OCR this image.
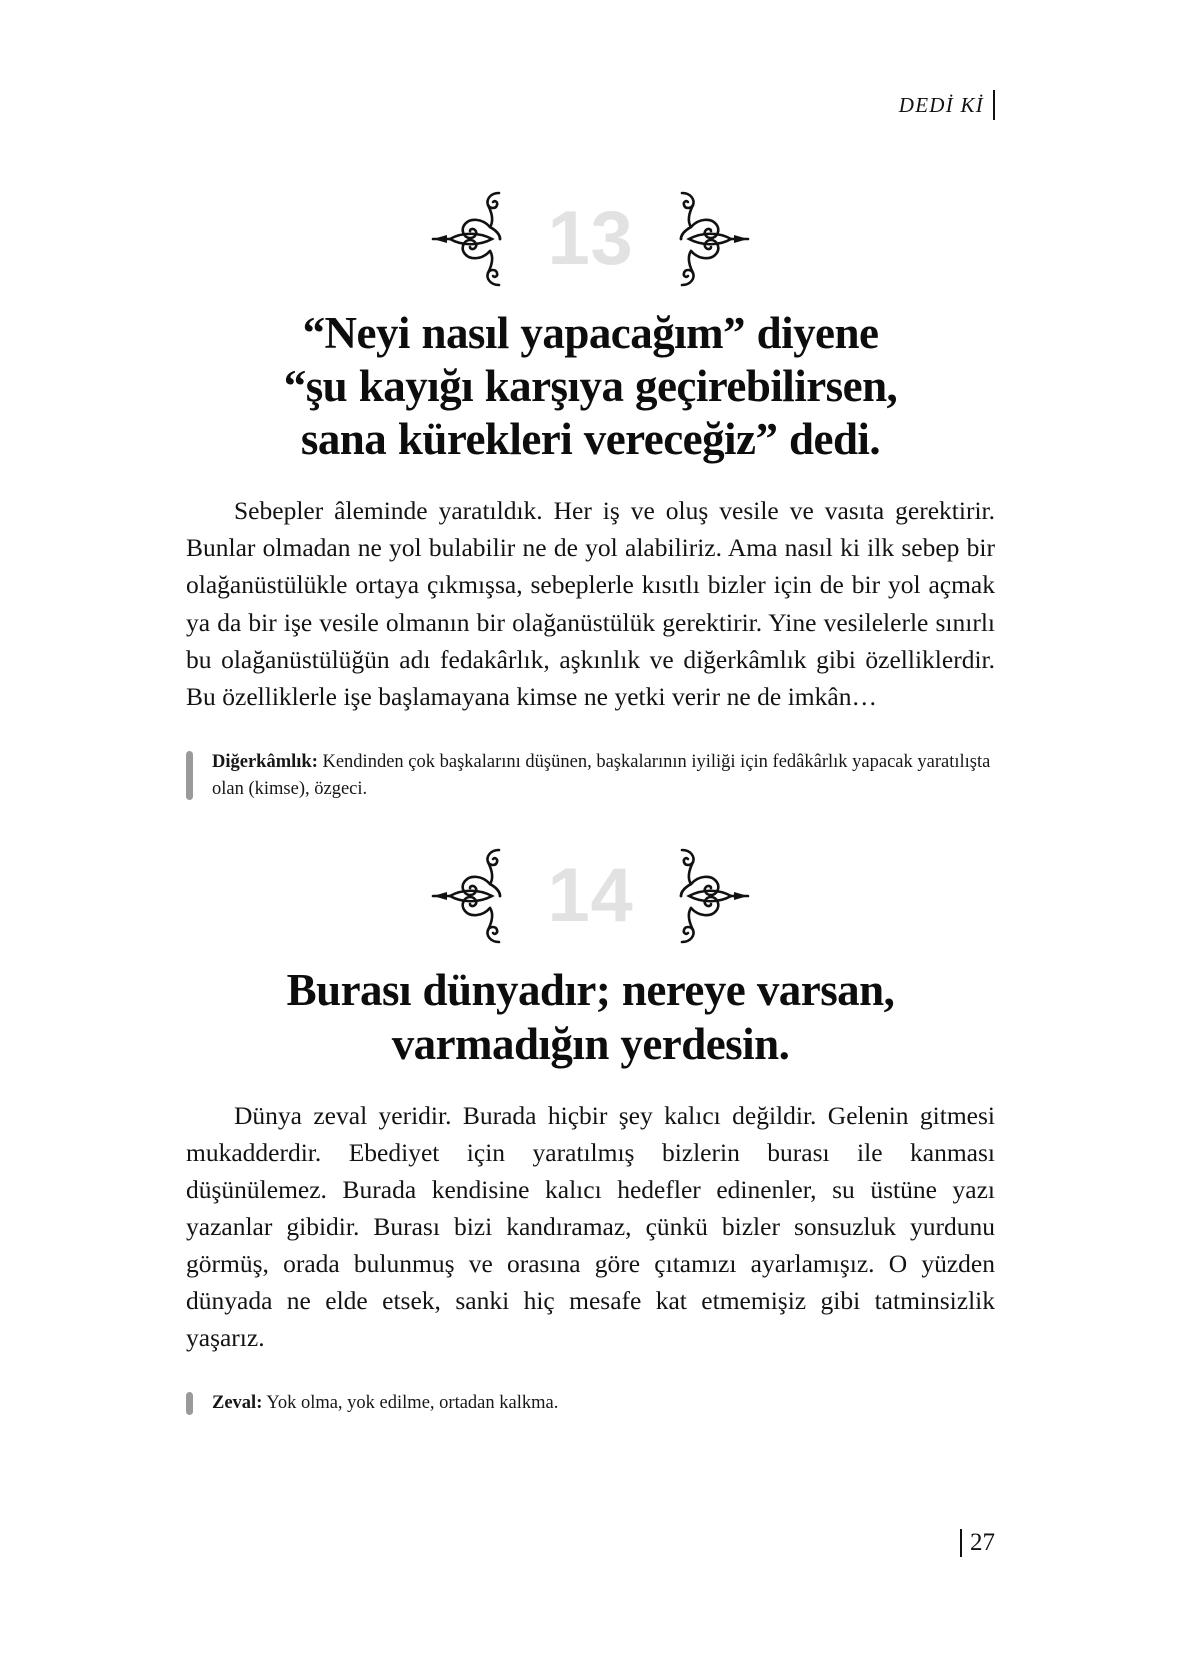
DEDİ Kİ
13
“Neyi nasıl yapacağım” diyene
“şu kayığı karşıya geçirebilirsen,
sana kürekleri vereceğiz” dedi.

Sebepler âleminde yaratıldık. Her iş ve oluş vesile ve vasıta gerektirir. Bunlar olmadan ne yol bulabilir ne de yol alabiliriz. Ama nasıl ki ilk sebep bir olağanüstülükle ortaya çıkmışsa, sebeplerle kısıtlı bizler için de bir yol açmak ya da bir işe vesile olmanın bir olağanüstülük gerektirir. Yine vesilelerle sınırlı bu olağanüstülüğün adı fedakârlık, aşkınlık ve diğerkâmlık gibi özelliklerdir. Bu özelliklerle işe başlamayana kimse ne yetki verir ne de imkân…

Diğerkâmlık: Kendinden çok başkalarını düşünen, başkalarının iyiliği için fedâkârlık yapacak yaratılışta olan (kimse), özgeci.
14
Burası dünyadır; nereye varsan,
varmadığın yerdesin.

Dünya zeval yeridir. Burada hiçbir şey kalıcı değildir. Gelenin gitmesi mukadderdir. Ebediyet için yaratılmış bizlerin burası ile kanması düşünülemez. Burada kendisine kalıcı hedefler edinenler, su üstüne yazı yazanlar gibidir. Burası bizi kandıramaz, çünkü bizler sonsuzluk yurdunu görmüş, orada bulunmuş ve orasına göre çıtamızı ayarlamışız. O yüzden dünyada ne elde etsek, sanki hiç mesafe kat etmemişiz gibi tatminsizlik yaşarız.

Zeval: Yok olma, yok edilme, ortadan kalkma.
27
